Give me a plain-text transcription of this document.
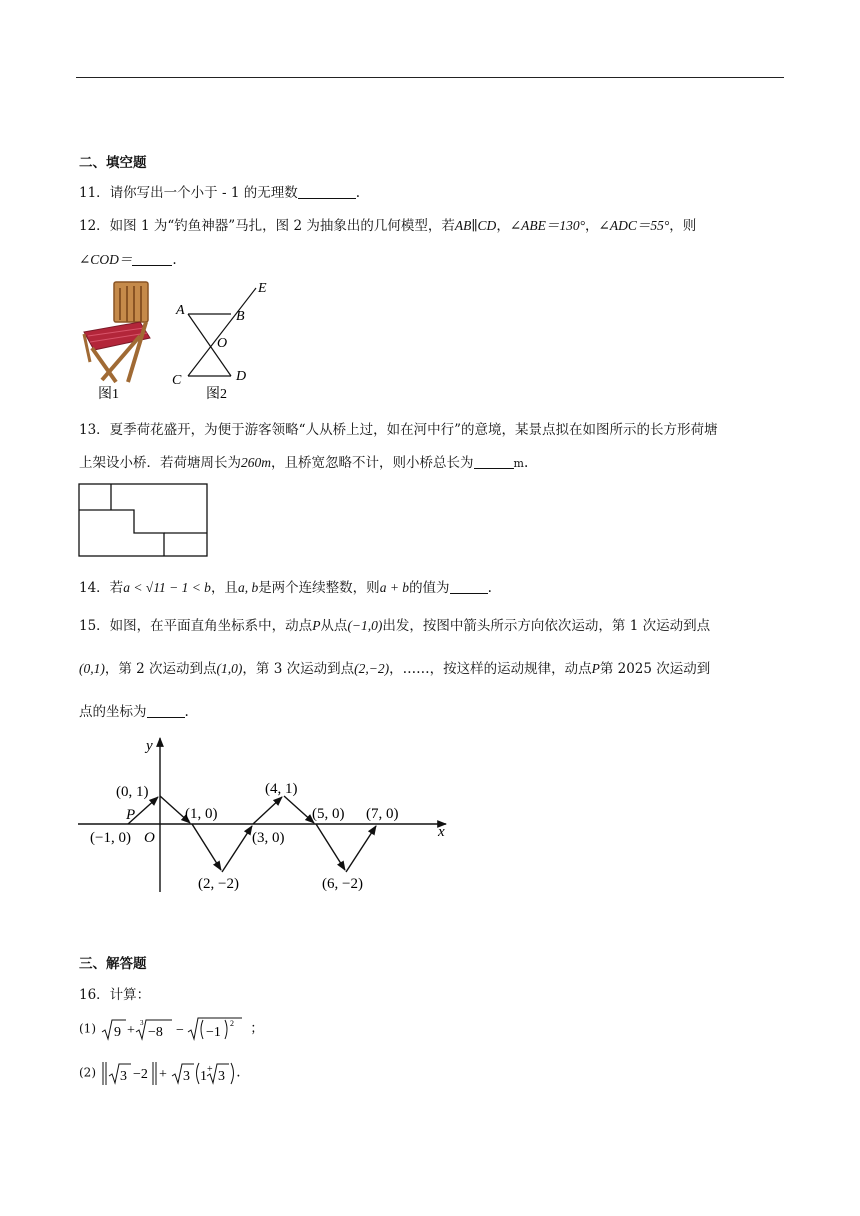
二、填空题
11．请你写出一个小于 - 1 的无理数	.
12．如图 1 为“钓鱼神器”马扎，图 2 为抽象出的几何模型，若AB∥CD，∠ABE＝130°，∠ADC＝55°，则
∠COD＝	.
图1	图2
A	B
E
O
C	D
13．夏季荷花盛开，为便于游客领略“人从桥上过，如在河中行”的意境，某景点拟在如图所示的长方形荷塘
上架设小桥．若荷塘周长为260m，且桥宽忽略不计，则小桥总长为	m.
14．若a < √11 − 1 < b，且a, b是两个连续整数，则a + b的值为	.
15．如图，在平面直角坐标系中，动点P从点(−1,0)出发，按图中箭头所示方向依次运动，第 1 次运动到点
(0,1)，第 2 次运动到点(1,0)，第 3 次运动到点(2,−2)，……，按这样的运动规律，动点P第 2025 次运动到
点的坐标为	.
y
x
O
P
(0, 1)
(1, 0)
(−1, 0)
(2, −2)
(3, 0)
(4, 1)
(5, 0) (7, 0)
(6, −2)
三、解答题
16．计算：
(1) 9 + 3
−8 − −1
2 ；
(2) 3 −2 + 3 1 + 3 .
